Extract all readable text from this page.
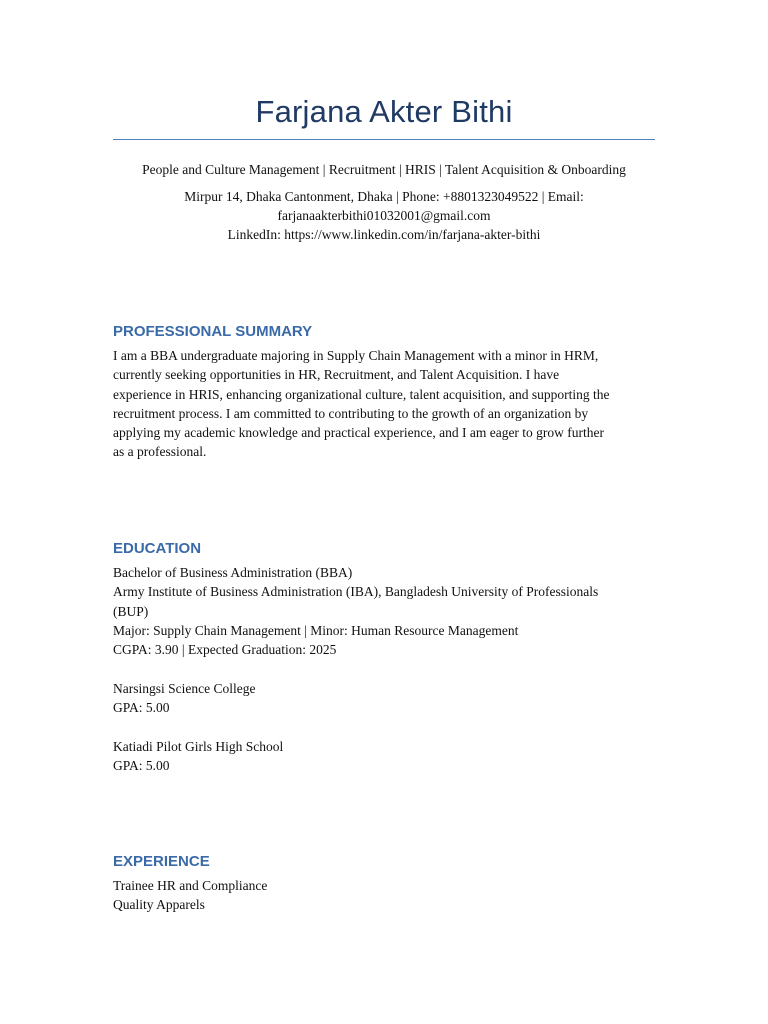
Farjana Akter Bithi
People and Culture Management | Recruitment | HRIS | Talent Acquisition & Onboarding
Mirpur 14, Dhaka Cantonment, Dhaka | Phone: +8801323049522 | Email:
farjanaakterbithi01032001@gmail.com
LinkedIn: https://www.linkedin.com/in/farjana-akter-bithi
PROFESSIONAL SUMMARY
I am a BBA undergraduate majoring in Supply Chain Management with a minor in HRM,
currently seeking opportunities in HR, Recruitment, and Talent Acquisition. I have
experience in HRIS, enhancing organizational culture, talent acquisition, and supporting the
recruitment process. I am committed to contributing to the growth of an organization by
applying my academic knowledge and practical experience, and I am eager to grow further
as a professional.
EDUCATION
Bachelor of Business Administration (BBA)
Army Institute of Business Administration (IBA), Bangladesh University of Professionals
(BUP)
Major: Supply Chain Management | Minor: Human Resource Management
CGPA: 3.90 | Expected Graduation: 2025
Narsingsi Science College
GPA: 5.00
Katiadi Pilot Girls High School
GPA: 5.00
EXPERIENCE
Trainee HR and Compliance
Quality Apparels
